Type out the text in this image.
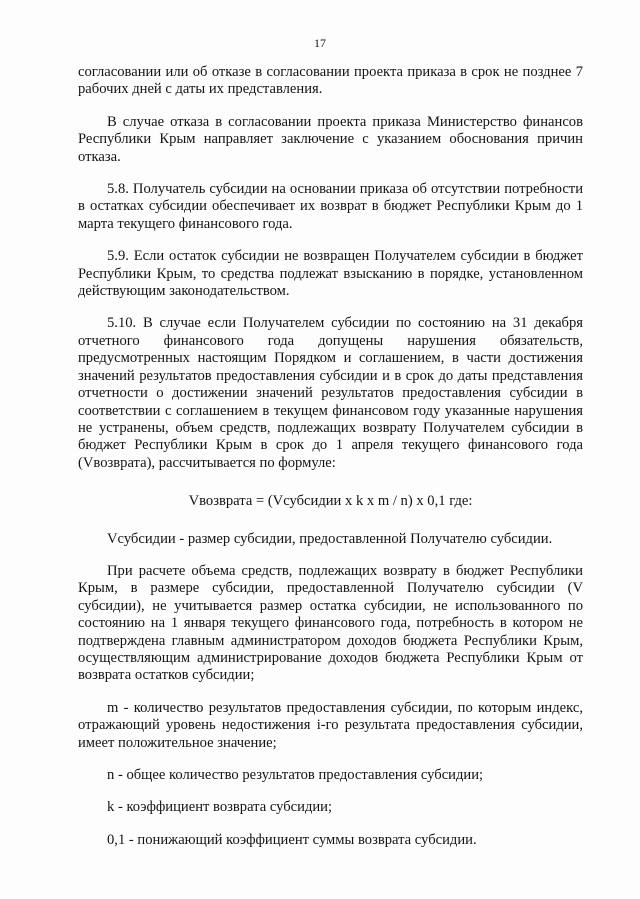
17

согласовании или об отказе в согласовании проекта приказа в срок не позднее 7 рабочих дней с даты их представления.

В случае отказа в согласовании проекта приказа Министерство финансов Республики Крым направляет заключение с указанием обоснования причин отказа.

5.8. Получатель субсидии на основании приказа об отсутствии потребности в остатках субсидии обеспечивает их возврат в бюджет Республики Крым до 1 марта текущего финансового года.

5.9. Если остаток субсидии не возвращен Получателем субсидии в бюджет Республики Крым, то средства подлежат взысканию в порядке, установленном действующим законодательством.

5.10. В случае если Получателем субсидии по состоянию на 31 декабря отчетного финансового года допущены нарушения обязательств, предусмотренных настоящим Порядком и соглашением, в части достижения значений результатов предоставления субсидии и в срок до даты представления отчетности о достижении значений результатов предоставления субсидии в соответствии с соглашением в текущем финансовом году указанные нарушения не устранены, объем средств, подлежащих возврату Получателем субсидии в бюджет Республики Крым в срок до 1 апреля текущего финансового года (Vвозврата), рассчитывается по формуле:

Vвозврата = (Vсубсидии x k x m / n) x 0,1 где:

Vсубсидии - размер субсидии, предоставленной Получателю субсидии.

При расчете объема средств, подлежащих возврату в бюджет Республики Крым, в размере субсидии, предоставленной Получателю субсидии (V субсидии), не учитывается размер остатка субсидии, не использованного по состоянию на 1 января текущего финансового года, потребность в котором не подтверждена главным администратором доходов бюджета Республики Крым, осуществляющим администрирование доходов бюджета Республики Крым от возврата остатков субсидии;

m - количество результатов предоставления субсидии, по которым индекс, отражающий уровень недостижения i-го результата предоставления субсидии, имеет положительное значение;

n - общее количество результатов предоставления субсидии;

k - коэффициент возврата субсидии;

0,1 - понижающий коэффициент суммы возврата субсидии.
